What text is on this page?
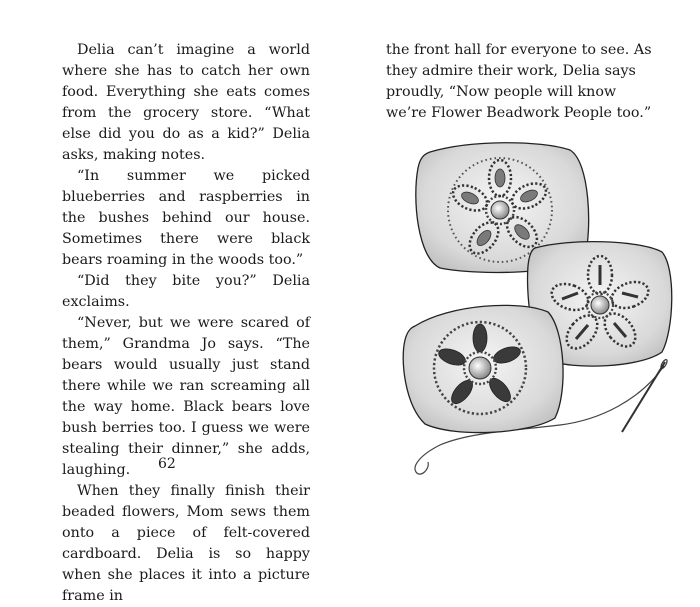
Delia can’t imagine a world where she has to catch her own food. Everything she eats comes from the grocery store. “What else did you do as a kid?” Delia asks, making notes.

“In summer we picked blueberries and raspberries in the bushes behind our house. Sometimes there were black bears roaming in the woods too.”

“Did they bite you?” Delia exclaims.

“Never, but we were scared of them,” Grandma Jo says. “The bears would usually just stand there while we ran screaming all the way home. Black bears love bush berries too. I guess we were stealing their dinner,” she adds, laughing.

When they finally finish their beaded flowers, Mom sews them onto a piece of felt-covered cardboard. Delia is so happy when she places it into a picture frame in

62

the front hall for everyone to see. As they admire their work, Delia says proudly, “Now people will know we’re Flower Beadwork People too.”
